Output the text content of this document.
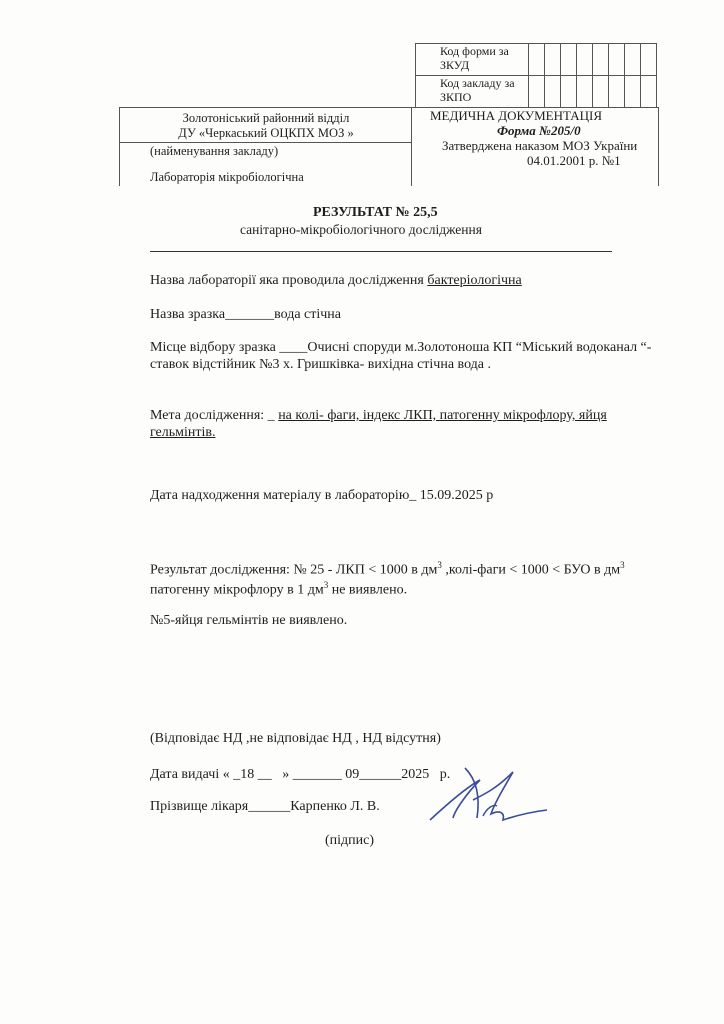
Код форми за ЗКУД								
Код закладу за ЗКПО								
Золотоніський районний відділ
ДУ «Черкаський ОЦКПХ МОЗ »
(найменування закладу)
Лабораторія мікробіологічна
МЕДИЧНА ДОКУМЕНТАЦІЯ
Форма №205/0
Затверджена наказом МОЗ України
04.01.2001 р. №1
РЕЗУЛЬТАТ № 25,5
санітарно-мікробіологічного дослідження
Назва лабораторії яка проводила дослідження бактеріологічна
Назва зразка_______вода стічна
Місце відбору зразка ____Очисні споруди м.Золотоноша КП “Міський водоканал “-
ставок відстійник №3 х. Гришківка- вихідна стічна вода .
Мета дослідження: _ на колі- фаги, індекс ЛКП, патогенну мікрофлору, яйця
гельмінтів.
Дата надходження матеріалу в лабораторію_ 15.09.2025 р
Результат дослідження: № 25 - ЛКП < 1000 в $дм^3$ ,колі-фаги < 1000 < БУО в $дм^3$
патогенну мікрофлору в 1 $дм^3$ не виявлено.
№5-яйця гельмінтів не виявлено.
(Відповідає НД ,не відповідає НД , НД відсутня)
Дата видачі « _18 __   » _______ 09______2025   р.
Прізвище лікаря______Карпенко Л. В.
(підпис)
